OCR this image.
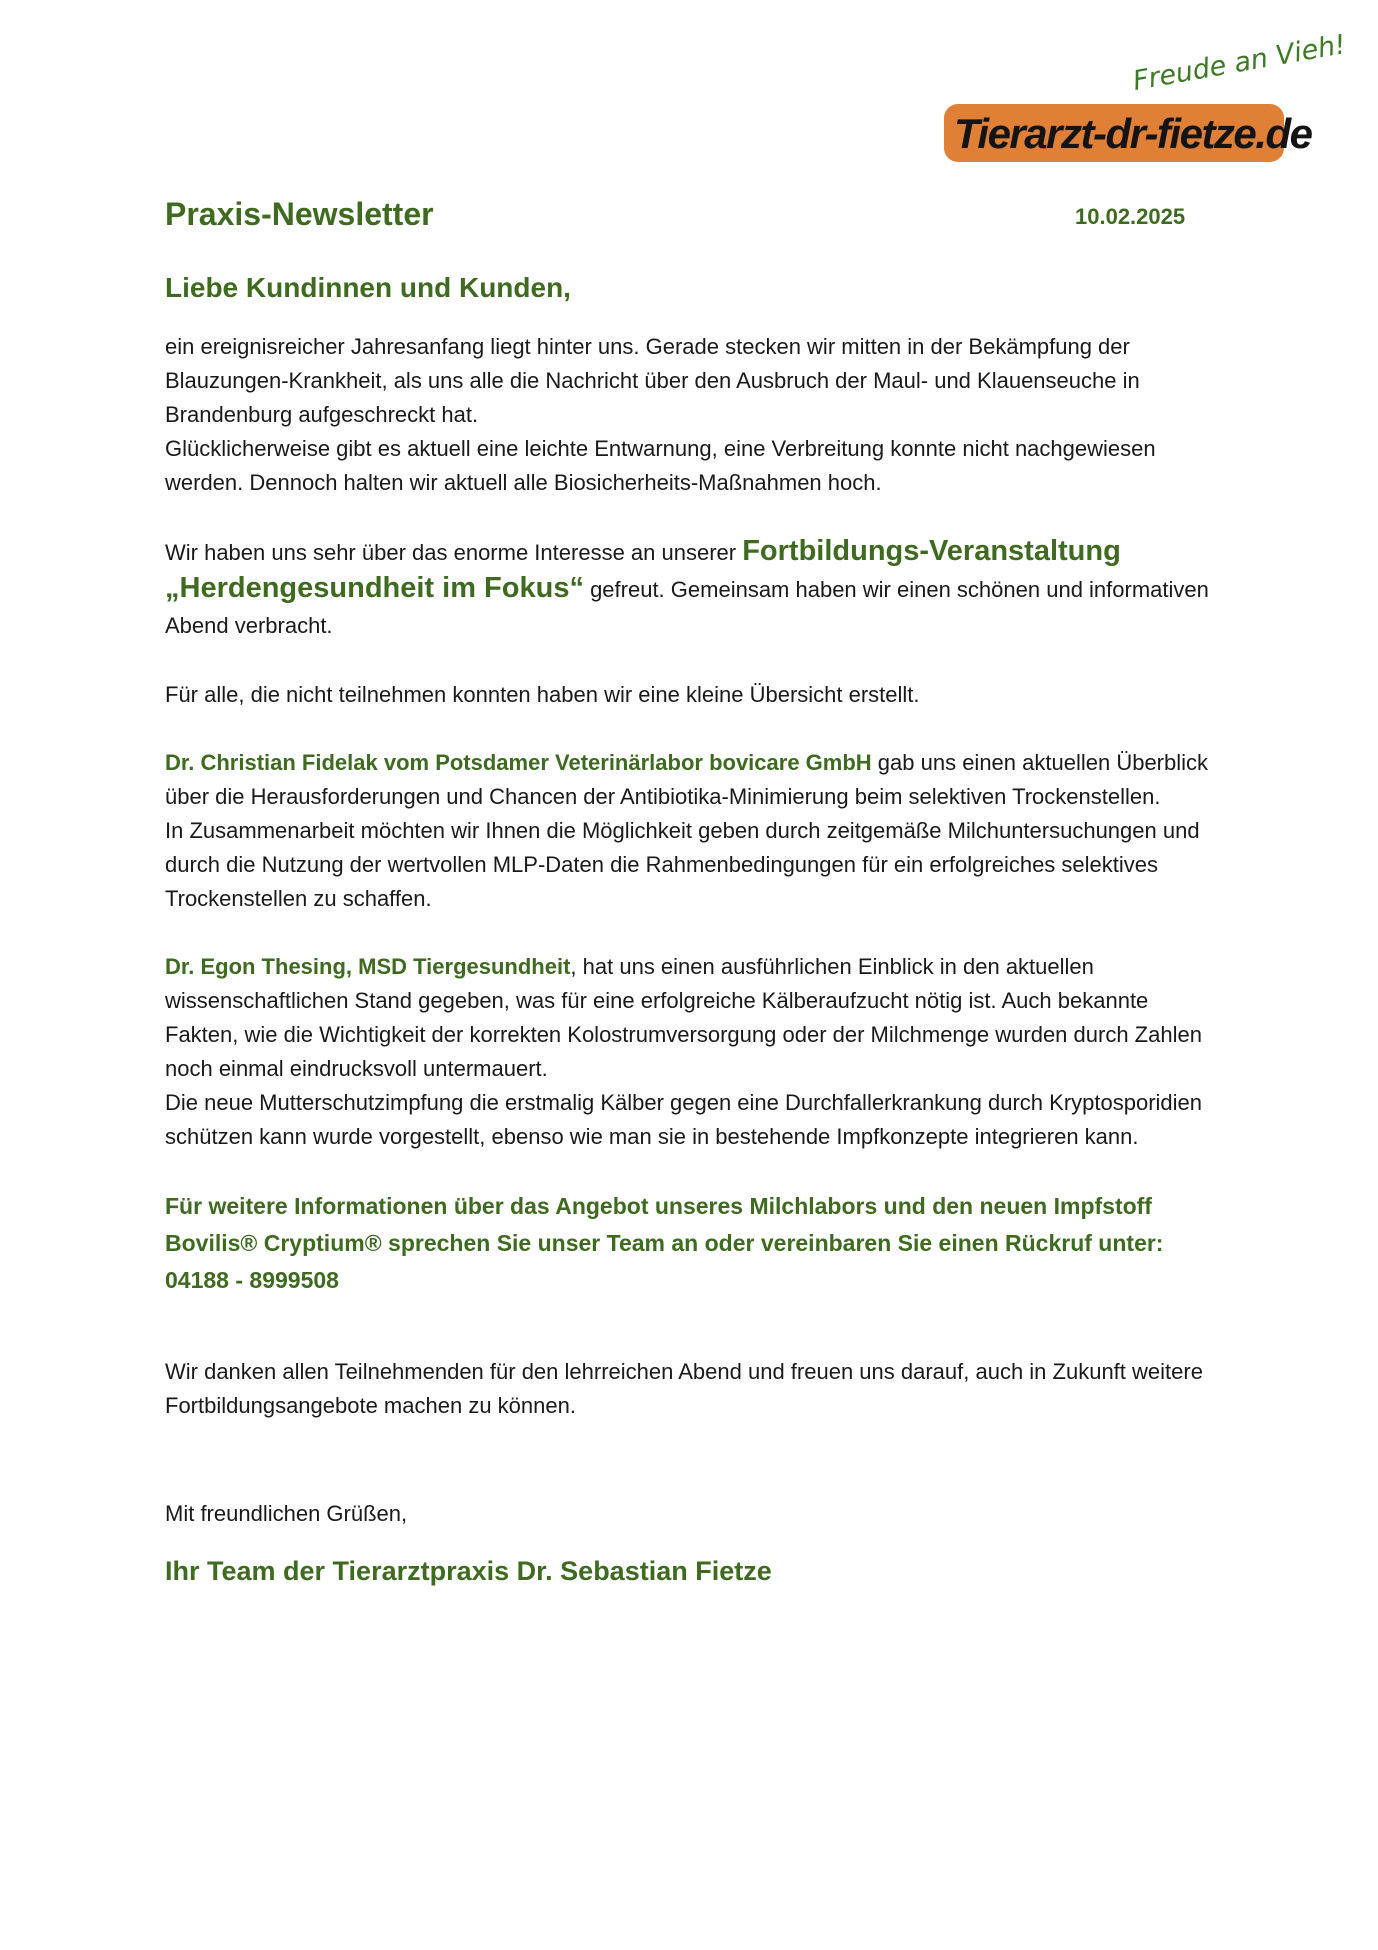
Tierarzt-dr-fietze.de
Freude an Vieh!
Praxis-Newsletter	10.02.2025
Liebe Kundinnen und Kunden,

ein ereignisreicher Jahresanfang liegt hinter uns. Gerade stecken wir mitten in der Bekämpfung der Blauzungen-Krankheit, als uns alle die Nachricht über den Ausbruch der Maul- und Klauenseuche in Brandenburg aufgeschreckt hat.
Glücklicherweise gibt es aktuell eine leichte Entwarnung, eine Verbreitung konnte nicht nachgewiesen werden. Dennoch halten wir aktuell alle Biosicherheits-Maßnahmen hoch.

Wir haben uns sehr über das enorme Interesse an unserer Fortbildungs-Veranstaltung „Herdengesundheit im Fokus“ gefreut. Gemeinsam haben wir einen schönen und informativen Abend verbracht.

Für alle, die nicht teilnehmen konnten haben wir eine kleine Übersicht erstellt.

Dr. Christian Fidelak vom Potsdamer Veterinärlabor bovicare GmbH gab uns einen aktuellen Überblick über die Herausforderungen und Chancen der Antibiotika-Minimierung beim selektiven Trockenstellen.
In Zusammenarbeit möchten wir Ihnen die Möglichkeit geben durch zeitgemäße Milchuntersuchungen und durch die Nutzung der wertvollen MLP-Daten die Rahmenbedingungen für ein erfolgreiches selektives Trockenstellen zu schaffen.

Dr. Egon Thesing, MSD Tiergesundheit, hat uns einen ausführlichen Einblick in den aktuellen wissenschaftlichen Stand gegeben, was für eine erfolgreiche Kälberaufzucht nötig ist. Auch bekannte Fakten, wie die Wichtigkeit der korrekten Kolostrumversorgung oder der Milchmenge wurden durch Zahlen noch einmal eindrucksvoll untermauert.
Die neue Mutterschutzimpfung die erstmalig Kälber gegen eine Durchfallerkrankung durch Kryptosporidien schützen kann wurde vorgestellt, ebenso wie man sie in bestehende Impfkonzepte integrieren kann.

Für weitere Informationen über das Angebot unseres Milchlabors und den neuen Impfstoff Bovilis® Cryptium® sprechen Sie unser Team an oder vereinbaren Sie einen Rückruf unter: 04188 - 8999508

Wir danken allen Teilnehmenden für den lehrreichen Abend und freuen uns darauf, auch in Zukunft weitere Fortbildungsangebote machen zu können.

Mit freundlichen Grüßen,

Ihr Team der Tierarztpraxis Dr. Sebastian Fietze
